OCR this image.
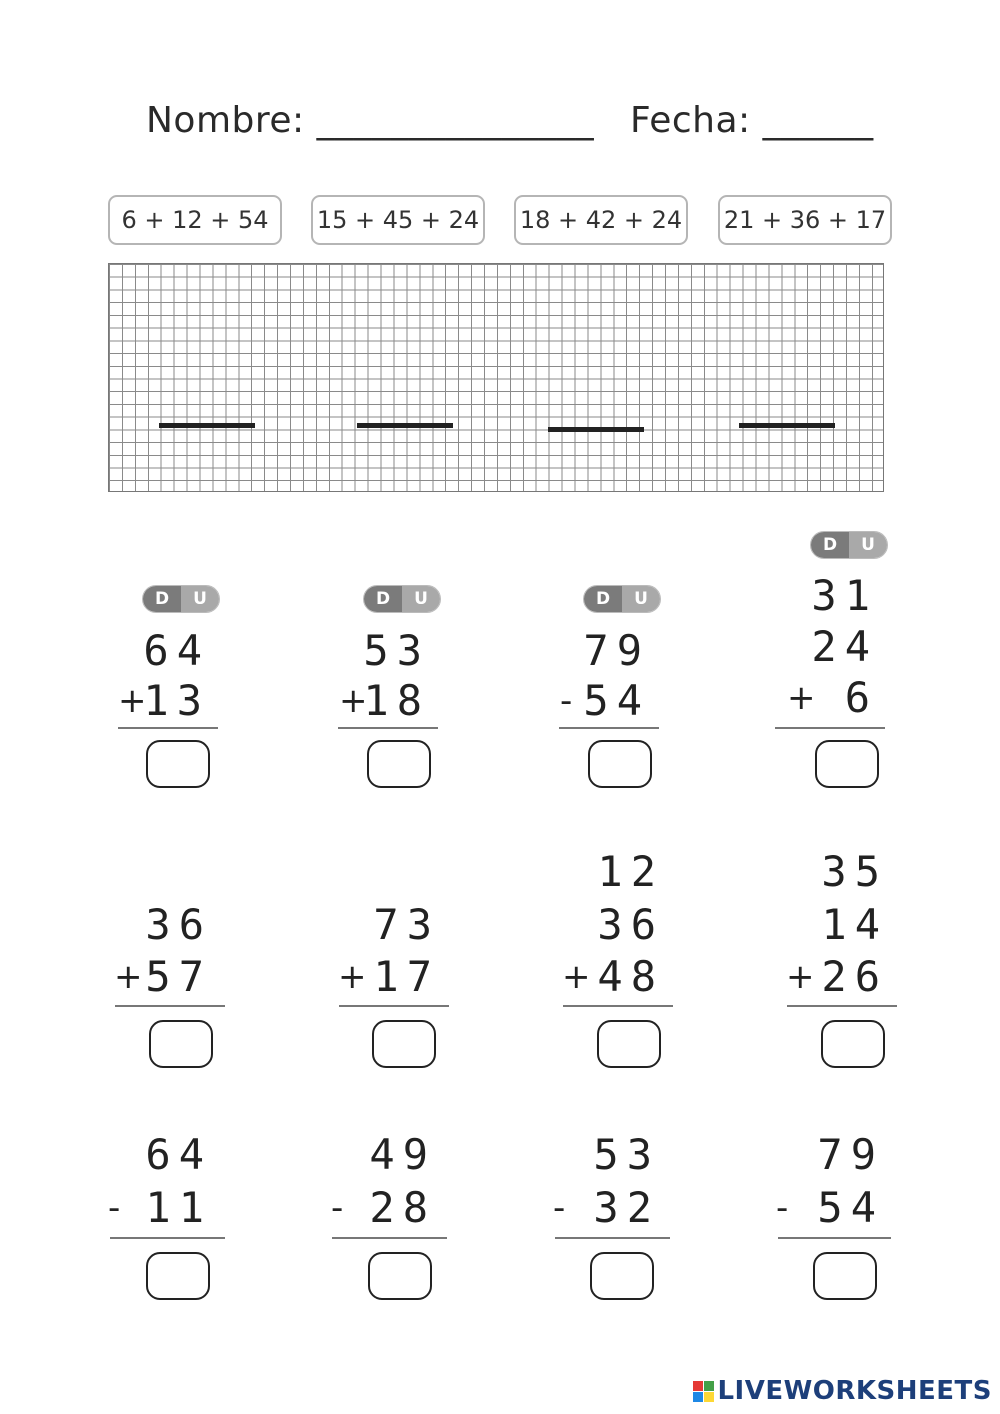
Nombre: _______________ Fecha: ______
6 + 12 + 54	15 + 45 + 24 18 + 42 + 24 21 + 36 + 17
D	U	D	U	D	U
D	U
64
+
13
53
+
18
79
- 54
31
24
+
6
36
+ 57
73
+ 17
12
36
+ 48
35
14
+ 26
64
- 11
49
- 28
53
- 32
79
- 54
LIVEWORKSHEETS
